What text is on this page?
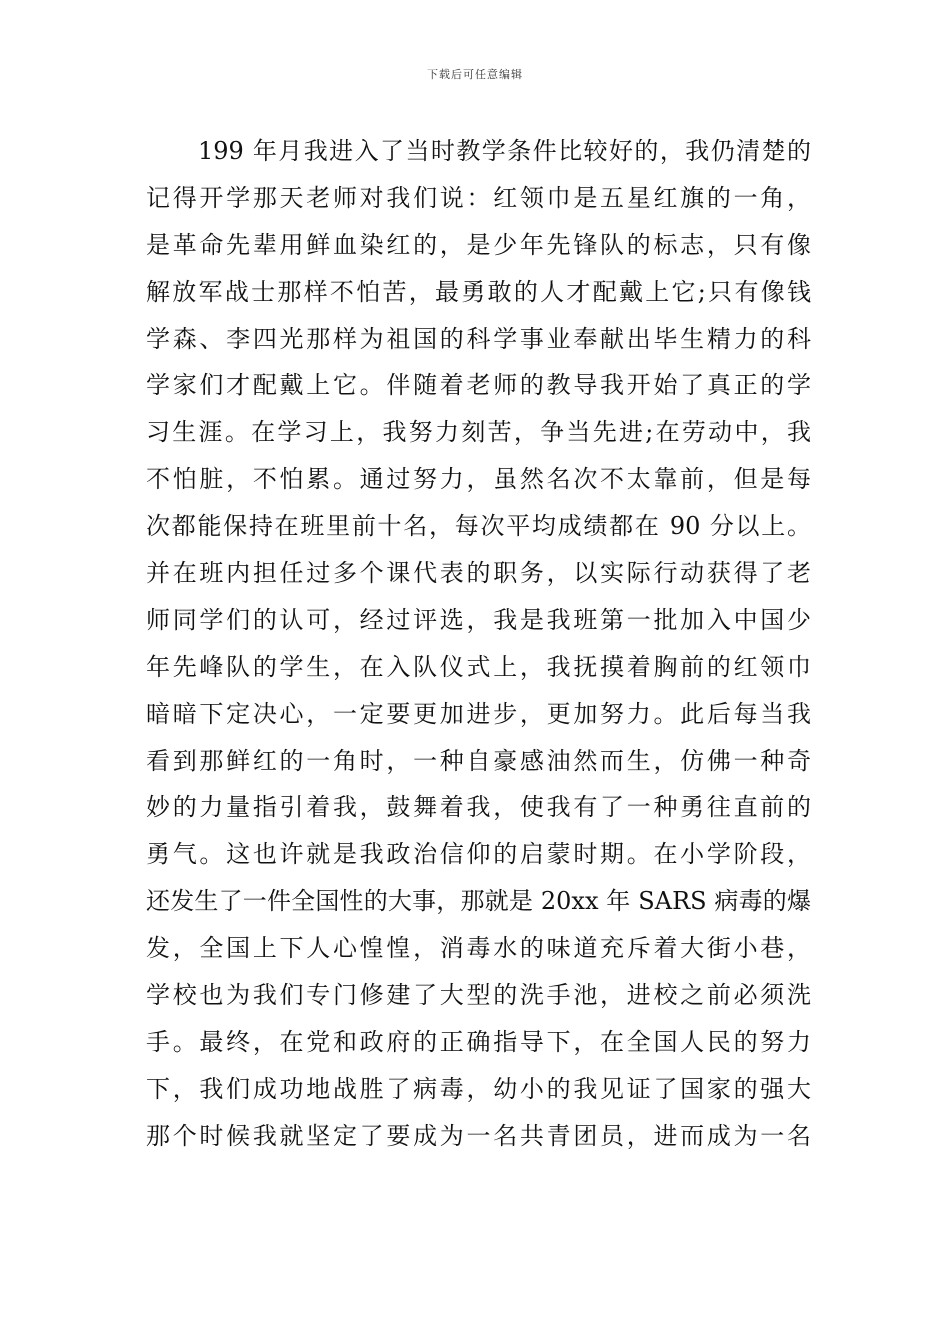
下载后可任意编辑
199 年月我进入了当时教学条件比较好的，我仍清楚的
记得开学那天老师对我们说：红领巾是五星红旗的一角，
是革命先辈用鲜血染红的，是少年先锋队的标志，只有像
解放军战士那样不怕苦，最勇敢的人才配戴上它;只有像钱
学森、李四光那样为祖国的科学事业奉献出毕生精力的科
学家们才配戴上它。伴随着老师的教导我开始了真正的学
习生涯。在学习上，我努力刻苦，争当先进;在劳动中，我
不怕脏，不怕累。通过努力，虽然名次不太靠前，但是每
次都能保持在班里前十名，每次平均成绩都在 90 分以上。
并在班内担任过多个课代表的职务，以实际行动获得了老
师同学们的认可，经过评选，我是我班第一批加入中国少
年先峰队的学生，在入队仪式上，我抚摸着胸前的红领巾
暗暗下定决心，一定要更加进步，更加努力。此后每当我
看到那鲜红的一角时，一种自豪感油然而生，仿佛一种奇
妙的力量指引着我，鼓舞着我，使我有了一种勇往直前的
勇气。这也许就是我政治信仰的启蒙时期。在小学阶段，
还发生了一件全国性的大事，那就是 20xx 年 SARS 病毒的爆
发，全国上下人心惶惶，消毒水的味道充斥着大街小巷，
学校也为我们专门修建了大型的洗手池，进校之前必须洗
手。最终，在党和政府的正确指导下，在全国人民的努力
下，我们成功地战胜了病毒，幼小的我见证了国家的强大
那个时候我就坚定了要成为一名共青团员，进而成为一名
